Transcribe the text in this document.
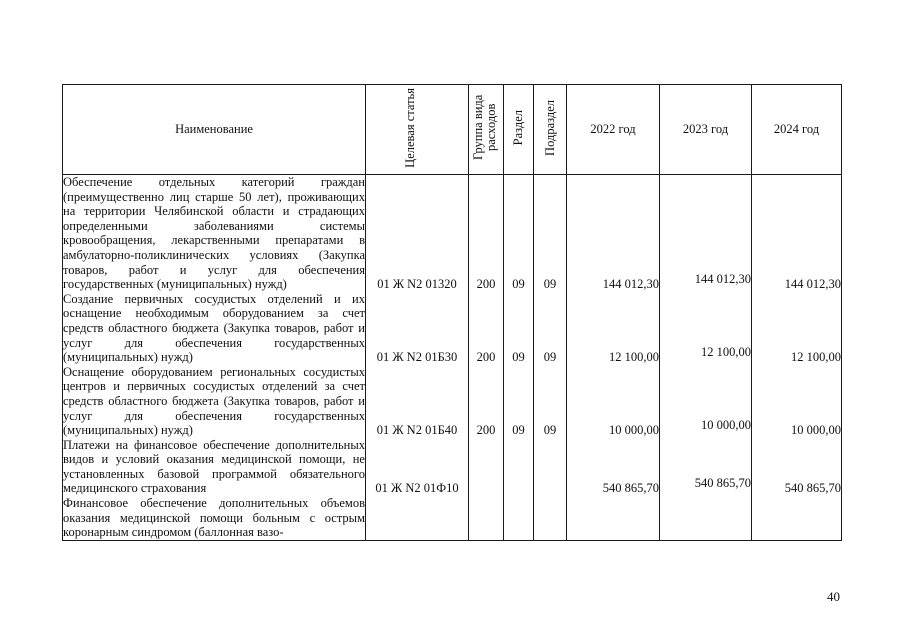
Наименование	Целевая статья	Группа вида расходов	Раздел	Подраздел	2022 год	2023 год	2024 год
Обеспечение отдельных категорий граждан (преимущественно лиц старше 50 лет), проживающих на территории Челябинской области и страдающих определенными заболеваниями системы кровообращения, лекарственными препаратами в амбулаторно-поликлинических условиях (Закупка товаров, работ и услуг для обеспечения государственных (муниципальных) нужд)	01 Ж N2 01320	200	09	09	144 012,30	144 012,30	144 012,30
Создание первичных сосудистых отделений и их оснащение необходимым оборудованием за счет средств областного бюджета (Закупка товаров, работ и услуг для обеспечения государственных (муниципальных) нужд)	01 Ж N2 01Б30	200	09	09	12 100,00	12 100,00	12 100,00
Оснащение оборудованием региональных сосудистых центров и первичных сосудистых отделений за счет средств областного бюджета (Закупка товаров, работ и услуг для обеспечения государственных (муниципальных) нужд)	01 Ж N2 01Б40	200	09	09	10 000,00	10 000,00	10 000,00
Платежи на финансовое обеспечение дополнительных видов и условий оказания медицинской помощи, не установленных базовой программой обязательного медицинского страхования	01 Ж N2 01Ф10				540 865,70	540 865,70	540 865,70
Финансовое обеспечение дополнительных объемов оказания медицинской помощи больным с острым коронарным синдромом (баллонная вазо-							
40
